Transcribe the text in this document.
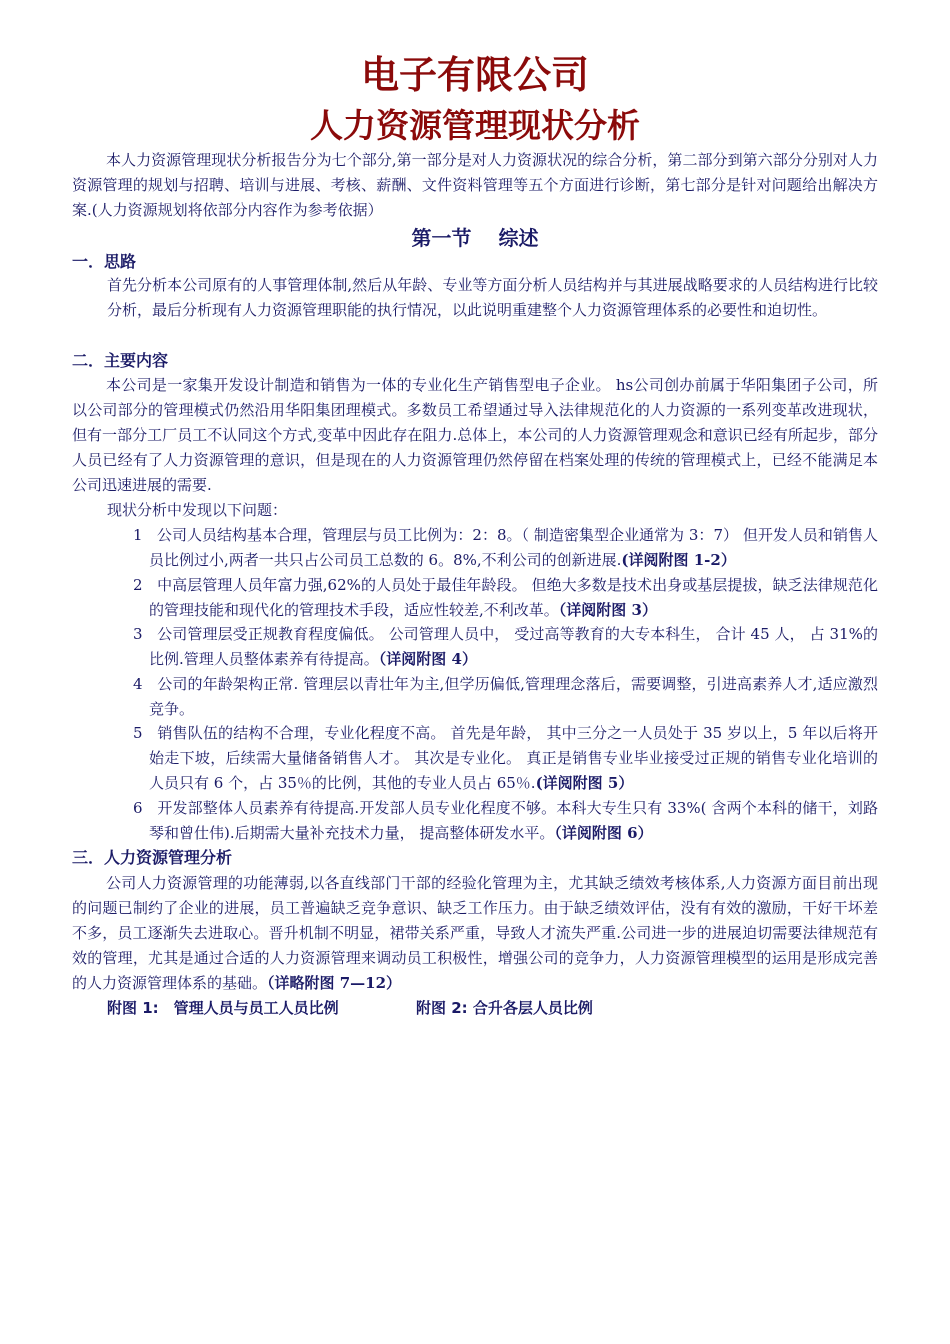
电子有限公司
人力资源管理现状分析
本人力资源管理现状分析报告分为七个部分,第一部分是对人力资源状况的综合分析，第二部分到第六部分分别对人力资源管理的规划与招聘、培训与进展、考核、薪酬、文件资料管理等五个方面进行诊断，第七部分是针对问题给出解决方案.(人力资源规划将依部分内容作为参考依据）
第一节　 综述
一．思路
首先分析本公司原有的人事管理体制,然后从年龄、专业等方面分析人员结构并与其进展战略要求的人员结构进行比较分析，最后分析现有人力资源管理职能的执行情况，以此说明重建整个人力资源管理体系的必要性和迫切性。
二．主要内容
本公司是一家集开发设计制造和销售为一体的专业化生产销售型电子企业。 hs公司创办前属于华阳集团子公司，所以公司部分的管理模式仍然沿用华阳集团理模式。多数员工希望通过导入法律规范化的人力资源的一系列变革改进现状，但有一部分工厂员工不认同这个方式,变革中因此存在阻力.总体上，本公司的人力资源管理观念和意识已经有所起步，部分人员已经有了人力资源管理的意识，但是现在的人力资源管理仍然停留在档案处理的传统的管理模式上，已经不能满足本公司迅速进展的需要.
现状分析中发现以下问题：
1 公司人员结构基本合理，管理层与员工比例为：2：8。（ 制造密集型企业通常为 3：7） 但开发人员和销售人员比例过小,两者一共只占公司员工总数的 6。8%,不利公司的创新进展.(详阅附图 1-2）
2 中高层管理人员年富力强,62%的人员处于最佳年龄段。 但绝大多数是技术出身或基层提拔，缺乏法律规范化的管理技能和现代化的管理技术手段，适应性较差,不利改革。（详阅附图 3）
3 公司管理层受正规教育程度偏低。 公司管理人员中， 受过高等教育的大专本科生， 合计 45 人， 占 31%的比例.管理人员整体素养有待提高。（详阅附图 4）
4 公司的年龄架构正常. 管理层以青壮年为主,但学历偏低,管理理念落后，需要调整，引进高素养人才,适应激烈竞争。
5 销售队伍的结构不合理，专业化程度不高。 首先是年龄， 其中三分之一人员处于 35 岁以上，5 年以后将开始走下坡，后续需大量储备销售人才。 其次是专业化。 真正是销售专业毕业接受过正规的销售专业化培训的人员只有 6 个，占 35％的比例，其他的专业人员占 65％.(详阅附图 5）
6 开发部整体人员素养有待提高.开发部人员专业化程度不够。本科大专生只有 33%( 含两个本科的储干，刘路琴和曾仕伟).后期需大量补充技术力量， 提高整体研发水平。（详阅附图 6）
三．人力资源管理分析
公司人力资源管理的功能薄弱,以各直线部门干部的经验化管理为主，尤其缺乏绩效考核体系,人力资源方面目前出现的问题已制约了企业的进展，员工普遍缺乏竞争意识、缺乏工作压力。由于缺乏绩效评估，没有有效的激励，干好干坏差不多，员工逐渐失去进取心。晋升机制不明显，裙带关系严重，导致人才流失严重.公司进一步的进展迫切需要法律规范有效的管理，尤其是通过合适的人力资源管理来调动员工积极性，增强公司的竞争力，人力资源管理模型的运用是形成完善的人力资源管理体系的基础。（详略附图 7—12）
附图 1:　管理人员与员工人员比例	附图 2: 合升各层人员比例
